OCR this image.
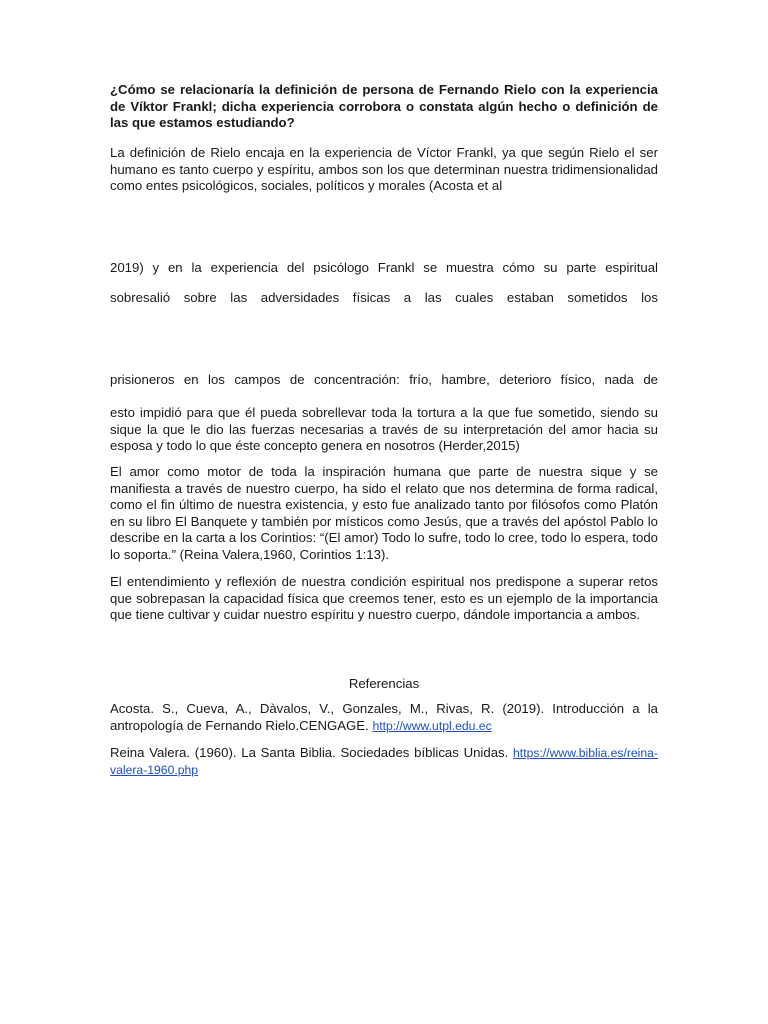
¿Cómo se relacionaría la definición de persona de Fernando Rielo con la experiencia de Víktor Frankl; dicha experiencia corrobora o constata algún hecho o definición de las que estamos estudiando?

La definición de Rielo encaja en la experiencia de Víctor Frankl, ya que según Rielo el ser humano es tanto cuerpo y espíritu, ambos son los que determinan nuestra tridimensionalidad como entes psicológicos, sociales, políticos y morales (Acosta et al

2019) y en la experiencia del psicólogo Frankl se muestra cómo su parte espiritual

sobresalió sobre las adversidades físicas a las cuales estaban sometidos los

prisioneros en los campos de concentración: frío, hambre, deterioro físico, nada de

esto impidió para que él pueda sobrellevar toda la tortura a la que fue sometido, siendo su sique la que le dio las fuerzas necesarias a través de su interpretación del amor hacia su esposa y todo lo que éste concepto genera en nosotros (Herder,2015)

El amor como motor de toda la inspiración humana que parte de nuestra sique y se manifiesta a través de nuestro cuerpo, ha sido el relato que nos determina de forma radical, como el fin último de nuestra existencia, y esto fue analizado tanto por filósofos como Platón en su libro El Banquete y también por místicos como Jesús, que a través del apóstol Pablo lo describe en la carta a los Corintios: “(El amor) Todo lo sufre, todo lo cree, todo lo espera, todo lo soporta.” (Reina Valera,1960, Corintios 1:13).

El entendimiento y reflexión de nuestra condición espiritual nos predispone a superar retos que sobrepasan la capacidad física que creemos tener, esto es un ejemplo de la importancia que tiene cultivar y cuidar nuestro espíritu y nuestro cuerpo, dándole importancia a ambos.

Referencias

Acosta. S., Cueva, A., Dàvalos, V., Gonzales, M., Rivas, R. (2019). Introducción a la antropología de Fernando Rielo.CENGAGE. http://www.utpl.edu.ec

Reina Valera. (1960). La Santa Biblia. Sociedades bíblicas Unidas. https://www.biblia.es/reina-valera-1960.php
